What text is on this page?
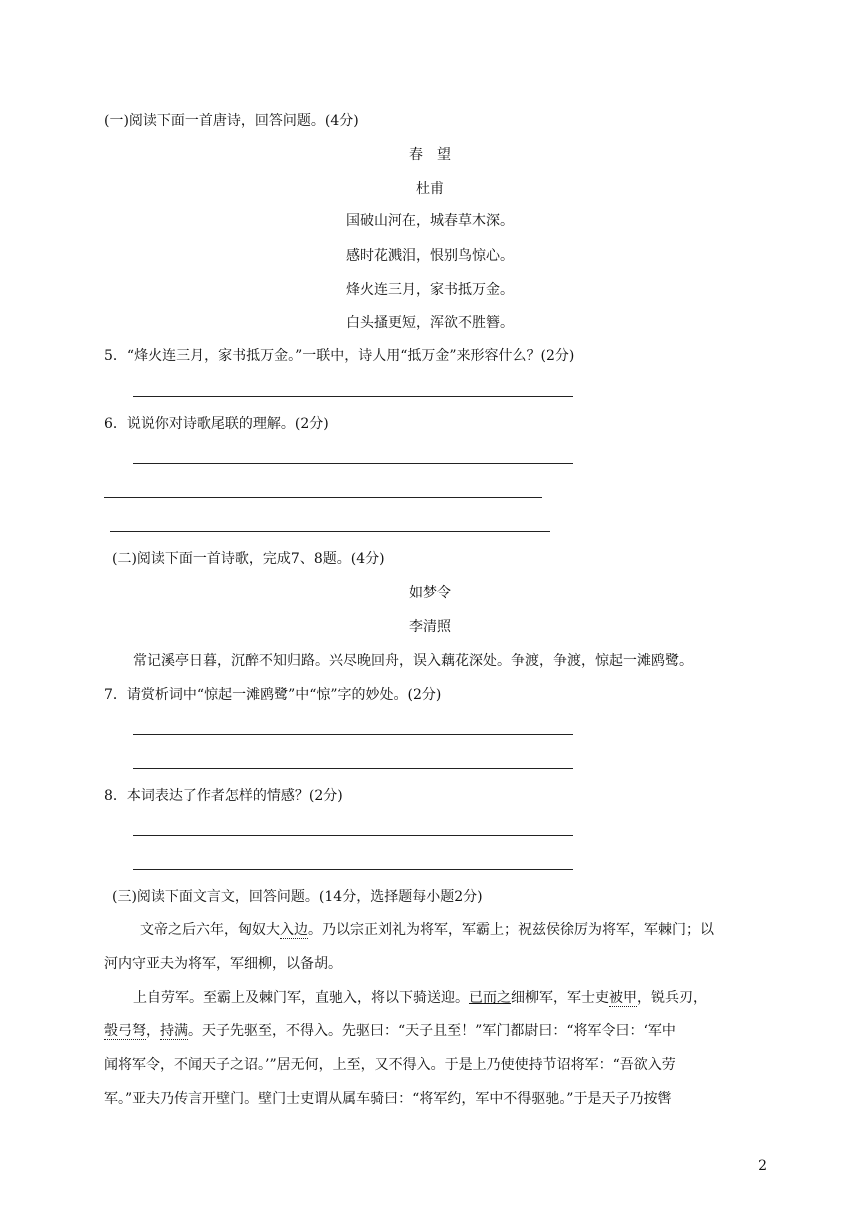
(一)阅读下面一首唐诗，回答问题。(4分)
春　望
杜甫
国破山河在，城春草木深。
感时花溅泪，恨别鸟惊心。
烽火连三月，家书抵万金。
白头搔更短，浑欲不胜簪。
5．“烽火连三月，家书抵万金。”一联中，诗人用“抵万金”来形容什么？(2分)
6．说说你对诗歌尾联的理解。(2分)
(二)阅读下面一首诗歌，完成7、8题。(4分)
如梦令
李清照
常记溪亭日暮，沉醉不知归路。兴尽晚回舟，误入藕花深处。争渡，争渡，惊起一滩鸥鹭。
7．请赏析词中“惊起一滩鸥鹭”中“惊”字的妙处。(2分)
8．本词表达了作者怎样的情感？(2分)
(三)阅读下面文言文，回答问题。(14分，选择题每小题2分)
文帝之后六年，匈奴大入边。乃以宗正刘礼为将军，军霸上；祝兹侯徐厉为将军，军棘门；以
河内守亚夫为将军，军细柳，以备胡。
上自劳军。至霸上及棘门军，直驰入，将以下骑送迎。已而之细柳军，军士吏被甲，锐兵刃，
彀弓弩，持满。天子先驱至，不得入。先驱曰：“天子且至！”军门都尉曰：“将军令曰：‘军中
闻将军令，不闻天子之诏。’”居无何，上至，又不得入。于是上乃使使持节诏将军：“吾欲入劳
军。”亚夫乃传言开壁门。壁门士吏谓从属车骑曰：“将军约，军中不得驱驰。”于是天子乃按辔
2
